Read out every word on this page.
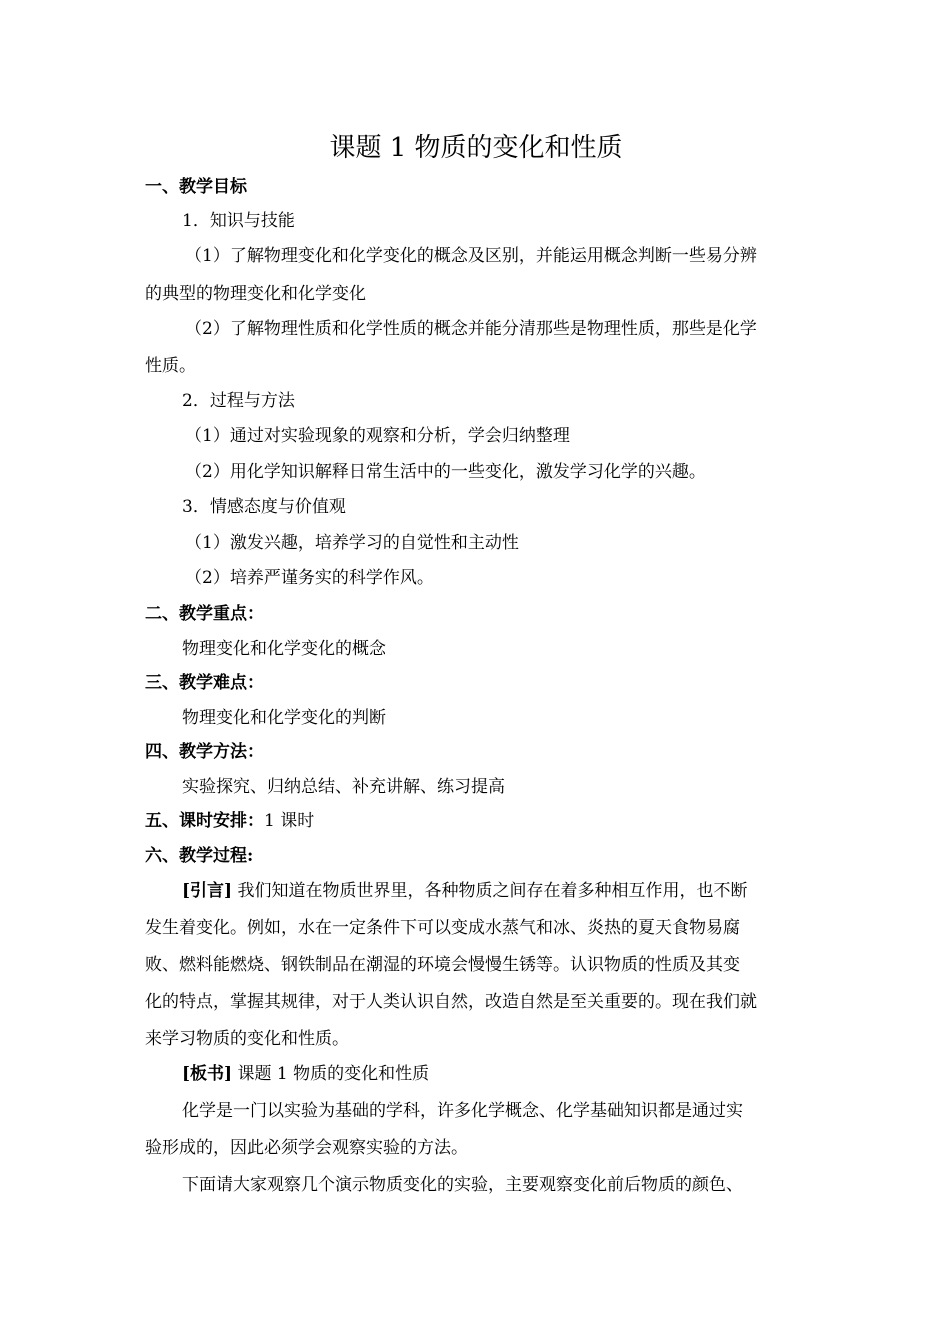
课题 1 物质的变化和性质
一、教学目标
1．知识与技能
（1）了解物理变化和化学变化的概念及区别，并能运用概念判断一些易分辨
的典型的物理变化和化学变化
（2）了解物理性质和化学性质的概念并能分清那些是物理性质，那些是化学
性质。
2．过程与方法
（1）通过对实验现象的观察和分析，学会归纳整理
（2）用化学知识解释日常生活中的一些变化，激发学习化学的兴趣。
3．情感态度与价值观
（1）激发兴趣，培养学习的自觉性和主动性
（2）培养严谨务实的科学作风。
二、教学重点：
物理变化和化学变化的概念
三、教学难点：
物理变化和化学变化的判断
四、教学方法：
实验探究、归纳总结、补充讲解、练习提高
五、课时安排：1 课时
六、教学过程:
[引言] 我们知道在物质世界里，各种物质之间存在着多种相互作用，也不断
发生着变化。例如，水在一定条件下可以变成水蒸气和冰、炎热的夏天食物易腐
败、燃料能燃烧、钢铁制品在潮湿的环境会慢慢生锈等。认识物质的性质及其变
化的特点，掌握其规律，对于人类认识自然，改造自然是至关重要的。现在我们就
来学习物质的变化和性质。
[板书] 课题 1 物质的变化和性质
化学是一门以实验为基础的学科，许多化学概念、化学基础知识都是通过实
验形成的，因此必须学会观察实验的方法。
下面请大家观察几个演示物质变化的实验，主要观察变化前后物质的颜色、
